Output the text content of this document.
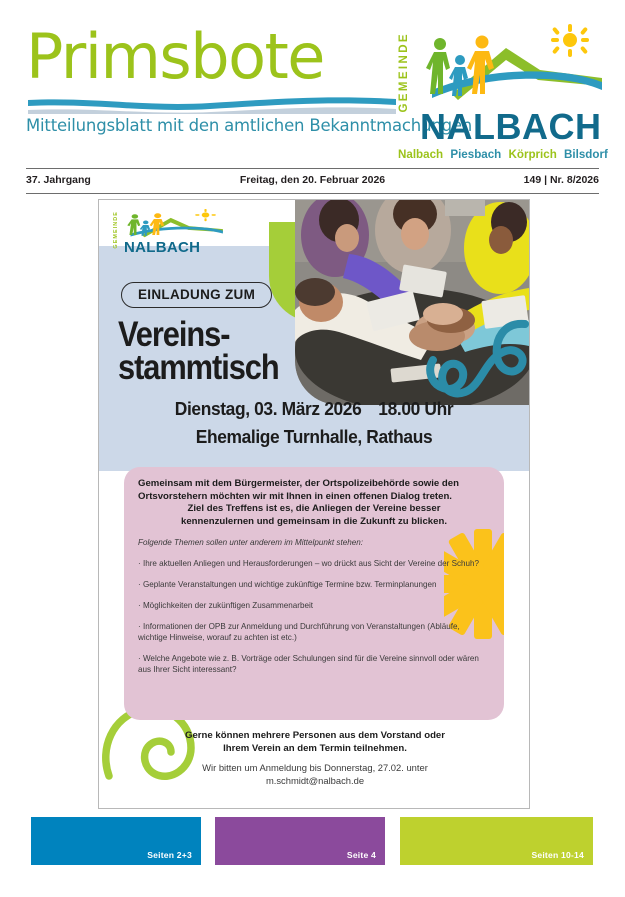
Primsbote
Mitteilungsblatt mit den amtlichen Bekanntmachungen
GEMEINDE
NALBACH
Nalbach Piesbach Körprich Bilsdorf
37. Jahrgang	Freitag, den 20. Februar 2026	149 | Nr. 8/2026
GEMEINDE NALBACH
EINLADUNG ZUM
Vereins-
stammtisch
Dienstag, 03. März 2026 18.00 Uhr
Ehemalige Turnhalle, Rathaus
Gemeinsam mit dem Bürgermeister, der Ortspolizeibehörde sowie den
Ortsvorstehern möchten wir mit Ihnen in einen offenen Dialog treten.
Ziel des Treffens ist es, die Anliegen der Vereine besser
kennenzulernen und gemeinsam in die Zukunft zu blicken.
Folgende Themen sollen unter anderem im Mittelpunkt stehen:
· Ihre aktuellen Anliegen und Herausforderungen – wo drückt aus Sicht der Vereine der Schuh?
· Geplante Veranstaltungen und wichtige zukünftige Termine bzw. Terminplanungen
· Möglichkeiten der zukünftigen Zusammenarbeit
· Informationen der OPB zur Anmeldung und Durchführung von Veranstaltungen (Abläufe, wichtige Hinweise, worauf zu achten ist etc.)
· Welche Angebote wie z. B. Vorträge oder Schulungen sind für die Vereine sinnvoll oder wären aus Ihrer Sicht interessant?
Gerne können mehrere Personen aus dem Vorstand oder
Ihrem Verein an dem Termin teilnehmen.
Wir bitten um Anmeldung bis Donnerstag, 27.02. unter
m.schmidt@nalbach.de
Seiten 2+3	Seite 4	Seiten 10-14
